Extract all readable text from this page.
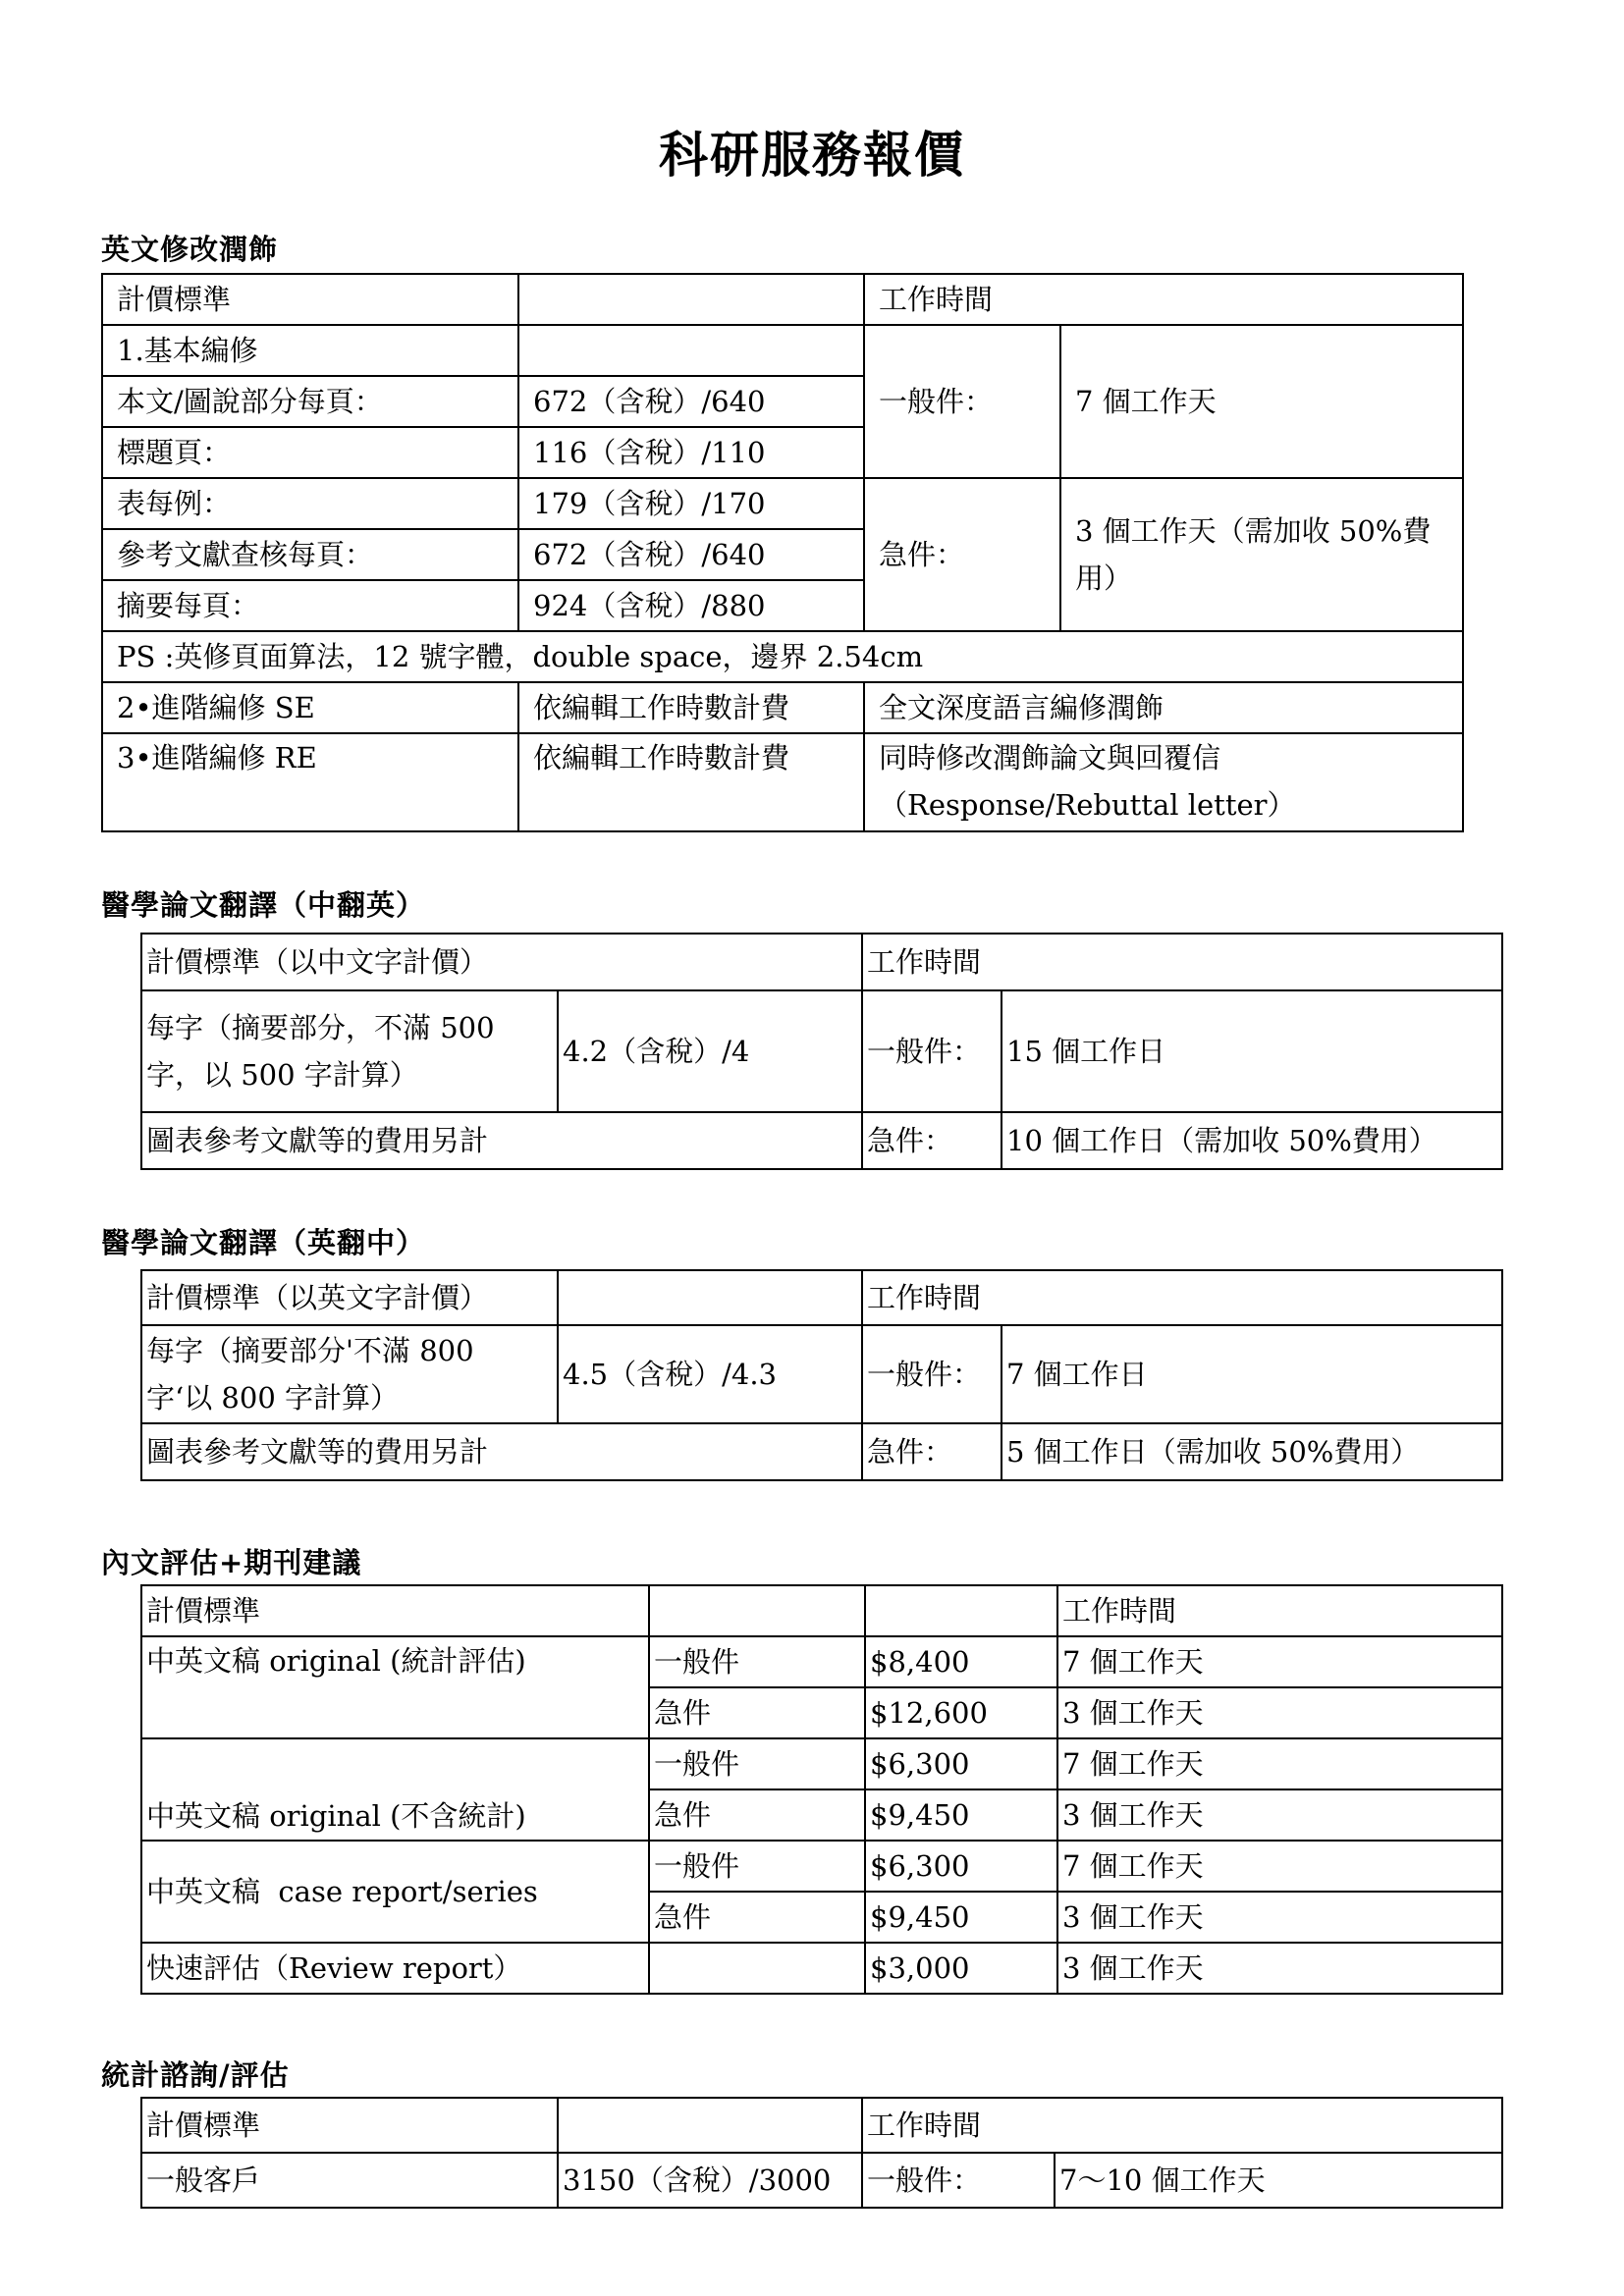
科研服務報價
英文修改潤飾
計價標準		工作時間	
1.基本編修		一般件：	7 個工作天
本文/圖說部分每頁：	672（含稅）/640		
標題頁：	116（含稅）/110		
表每例：	179（含稅）/170	急件：	3 個工作天（需加收 50%費用）
參考文獻查核每頁：	672（含稅）/640		
摘要每頁：	924（含稅）/880		
PS :英修頁面算法，12 號字體，double space，邊界 2.54cm			
2•進階編修 SE	依編輯工作時數計費	全文深度語言編修潤飾	
3•進階編修 RE	依編輯工作時數計費	同時修改潤飾論文與回覆信
（Response/Rebuttal letter）	
醫學論文翻譯（中翻英）
計價標準（以中文字計價）		工作時間	
每字（摘要部分，不滿 500 字，以 500 字計算）	4.2（含稅）/4	一般件：	15 個工作日
圖表參考文獻等的費用另計		急件：	10 個工作日（需加收 50%費用）
醫學論文翻譯（英翻中）
計價標準（以英文字計價）		工作時間	
每字（摘要部分'不滿 800 字‘以 800 字計算）	4.5（含稅）/4.3	一般件：	7 個工作日
圖表參考文獻等的費用另計		急件：	5 個工作日（需加收 50%費用）
內文評估+期刊建議
計價標準			工作時間
中英文稿 original (統計評估)	一般件	$8,400	7 個工作天
	急件	$12,600	3 個工作天
中英文稿 original (不含統計)	一般件	$6,300	7 個工作天
	急件	$9,450	3 個工作天
中英文稿  case report/series	一般件	$6,300	7 個工作天
	急件	$9,450	3 個工作天
快速評估（Review report）		$3,000	3 個工作天
統計諮詢/評估
計價標準		工作時間	
一般客戶	3150（含稅）/3000	一般件：	7～10 個工作天
